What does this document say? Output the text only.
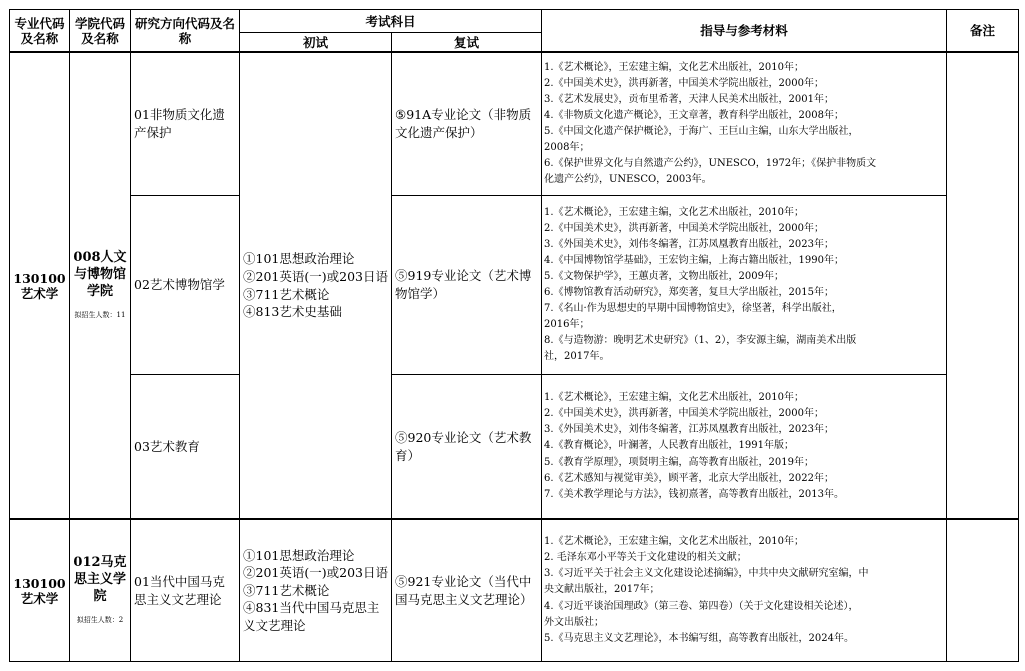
专业代码及名称
学院代码及名称
研究方向代码及名称
考试科目
初试	复试
指导与参考材料	备注
130100艺术学
008人文与博物馆学院
拟招生人数：11
01非物质文化遗产保护
02艺术博物馆学
03艺术教育
①101思想政治理论
②201英语(一)或203日语
③711艺术概论
④813艺术史基础
⑤91A专业论文（非物质文化遗产保护）
⑤919专业论文（艺术博物馆学）
⑤920专业论文（艺术教育）
1.《艺术概论》，王宏建主编，文化艺术出版社，2010年；
2.《中国美术史》，洪再新著，中国美术学院出版社，2000年；
3.《艺术发展史》，贡布里希著，天津人民美术出版社，2001年；
4.《非物质文化遗产概论》，王文章著，教育科学出版社，2008年；
5.《中国文化遗产保护概论》，于海广、王巨山主编，山东大学出版社，
2008年；
6.《保护世界文化与自然遗产公约》，UNESCO，1972年；《保护非物质文
化遗产公约》，UNESCO，2003年。
1.《艺术概论》，王宏建主编，文化艺术出版社，2010年；
2.《中国美术史》，洪再新著，中国美术学院出版社，2000年；
3.《外国美术史》，刘伟冬编著，江苏凤凰教育出版社，2023年；
4.《中国博物馆学基础》，王宏钧主编，上海古籍出版社，1990年；
5.《文物保护学》，王蕙贞著，文物出版社，2009年；
6.《博物馆教育活动研究》，郑奕著，复旦大学出版社，2015年；
7.《名山·作为思想史的早期中国博物馆史》，徐坚著，科学出版社，
2016年；
8.《与造物游：晚明艺术史研究》（1、2），李安源主编，湖南美术出版
社，2017年。
1.《艺术概论》，王宏建主编，文化艺术出版社，2010年；
2.《中国美术史》，洪再新著，中国美术学院出版社，2000年；
3.《外国美术史》，刘伟冬编著，江苏凤凰教育出版社，2023年；
4.《教育概论》，叶澜著，人民教育出版社，1991年版；
5.《教育学原理》，项贤明主编，高等教育出版社，2019年；
6.《艺术感知与视觉审美》，顾平著，北京大学出版社，2022年；
7.《美术教学理论与方法》，钱初熹著，高等教育出版社，2013年。
130100艺术学
012马克思主义学院
拟招生人数：2
01当代中国马克思主义文艺理论
①101思想政治理论
②201英语(一)或203日语
③711艺术概论
④831当代中国马克思主义文艺理论
⑤921专业论文（当代中国马克思主义文艺理论）
1.《艺术概论》，王宏建主编，文化艺术出版社，2010年；
2. 毛泽东邓小平等关于文化建设的相关文献；
3.《习近平关于社会主义文化建设论述摘编》，中共中央文献研究室编，中
央文献出版社，2017年；
4.《习近平谈治国理政》（第三卷、第四卷）（关于文化建设相关论述），
外文出版社；
5.《马克思主义文艺理论》，本书编写组，高等教育出版社，2024年。
